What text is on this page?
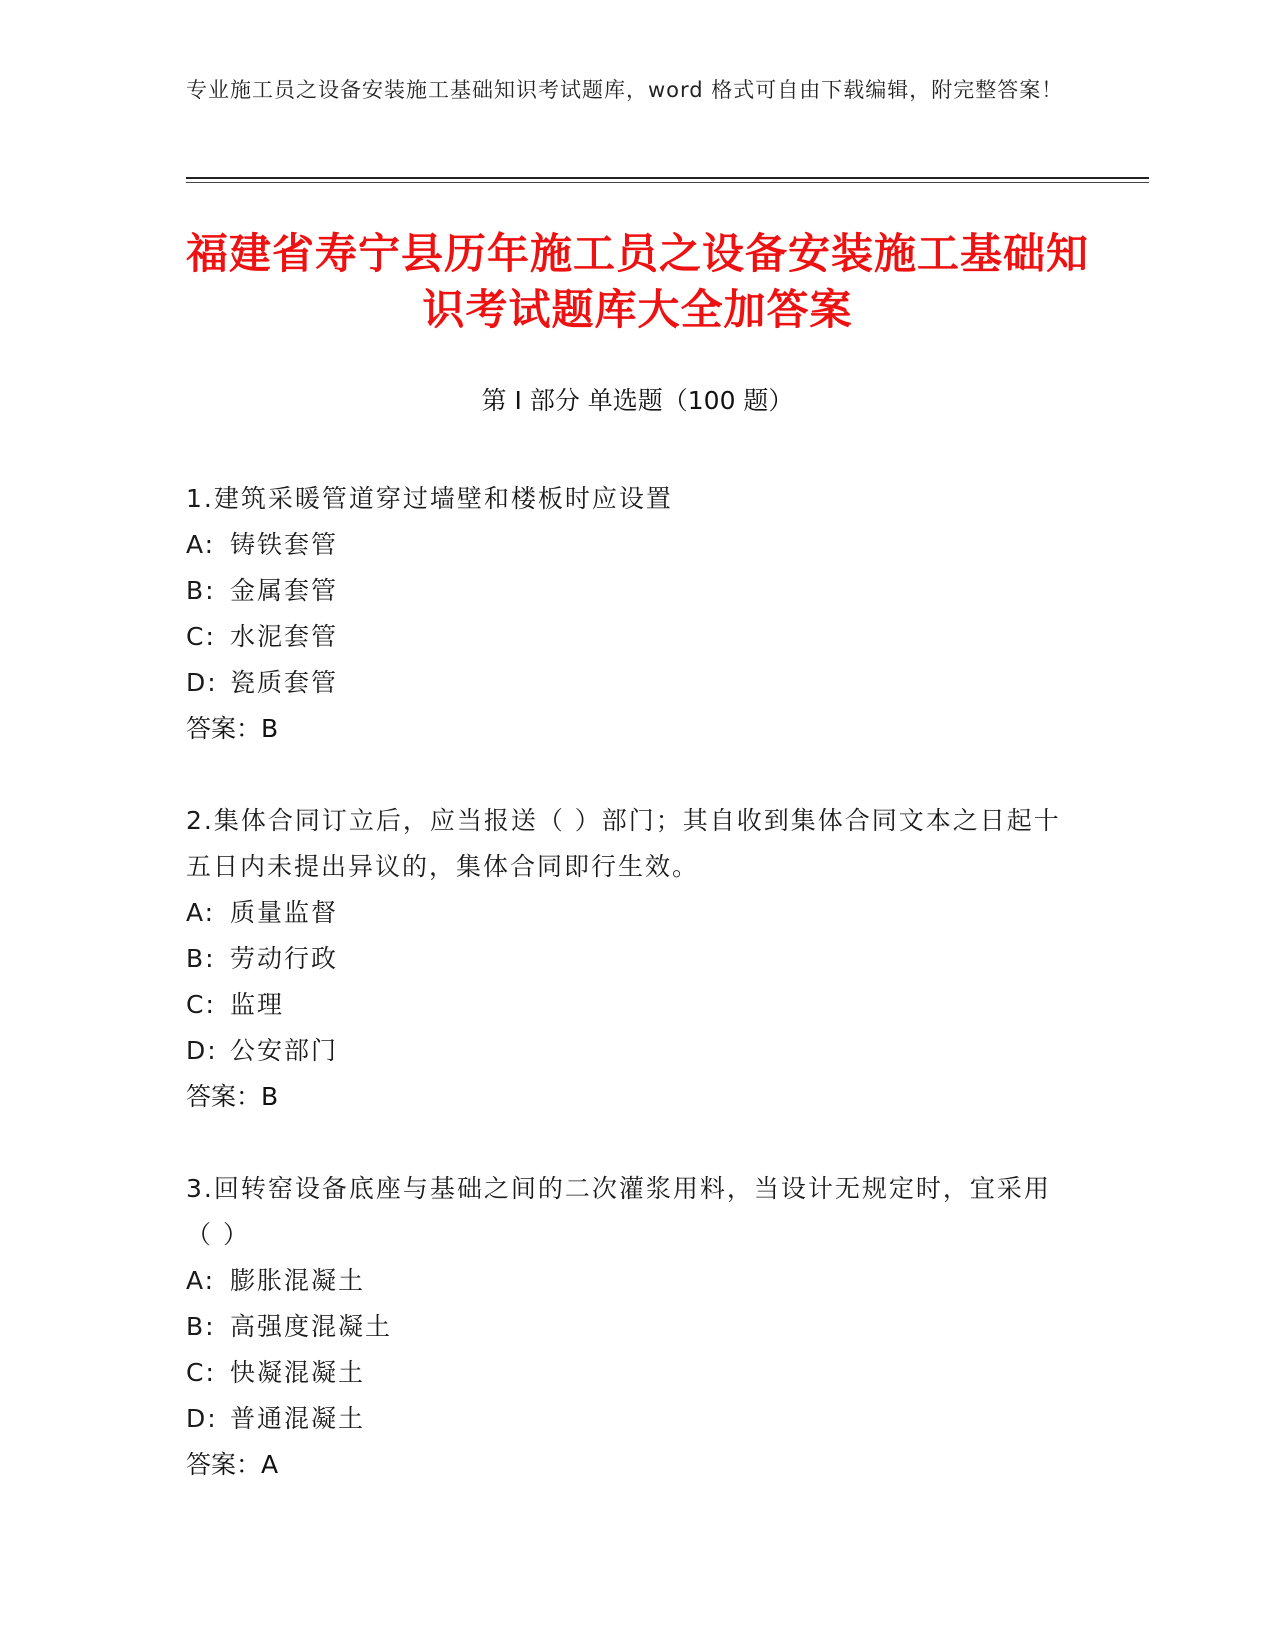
专业施工员之设备安装施工基础知识考试题库，word 格式可自由下载编辑，附完整答案！
福建省寿宁县历年施工员之设备安装施工基础知识考试题库大全加答案
第 I 部分 单选题（100 题）
1.建筑采暖管道穿过墙壁和楼板时应设置
A: 铸铁套管
B: 金属套管
C: 水泥套管
D: 瓷质套管
答案：B
2.集体合同订立后，应当报送（ ）部门；其自收到集体合同文本之日起十五日内未提出异议的，集体合同即行生效。
A: 质量监督
B: 劳动行政
C: 监理
D: 公安部门
答案：B
3.回转窑设备底座与基础之间的二次灌浆用料，当设计无规定时，宜采用（ ）
A: 膨胀混凝土
B: 高强度混凝土
C: 快凝混凝土
D: 普通混凝土
答案：A
